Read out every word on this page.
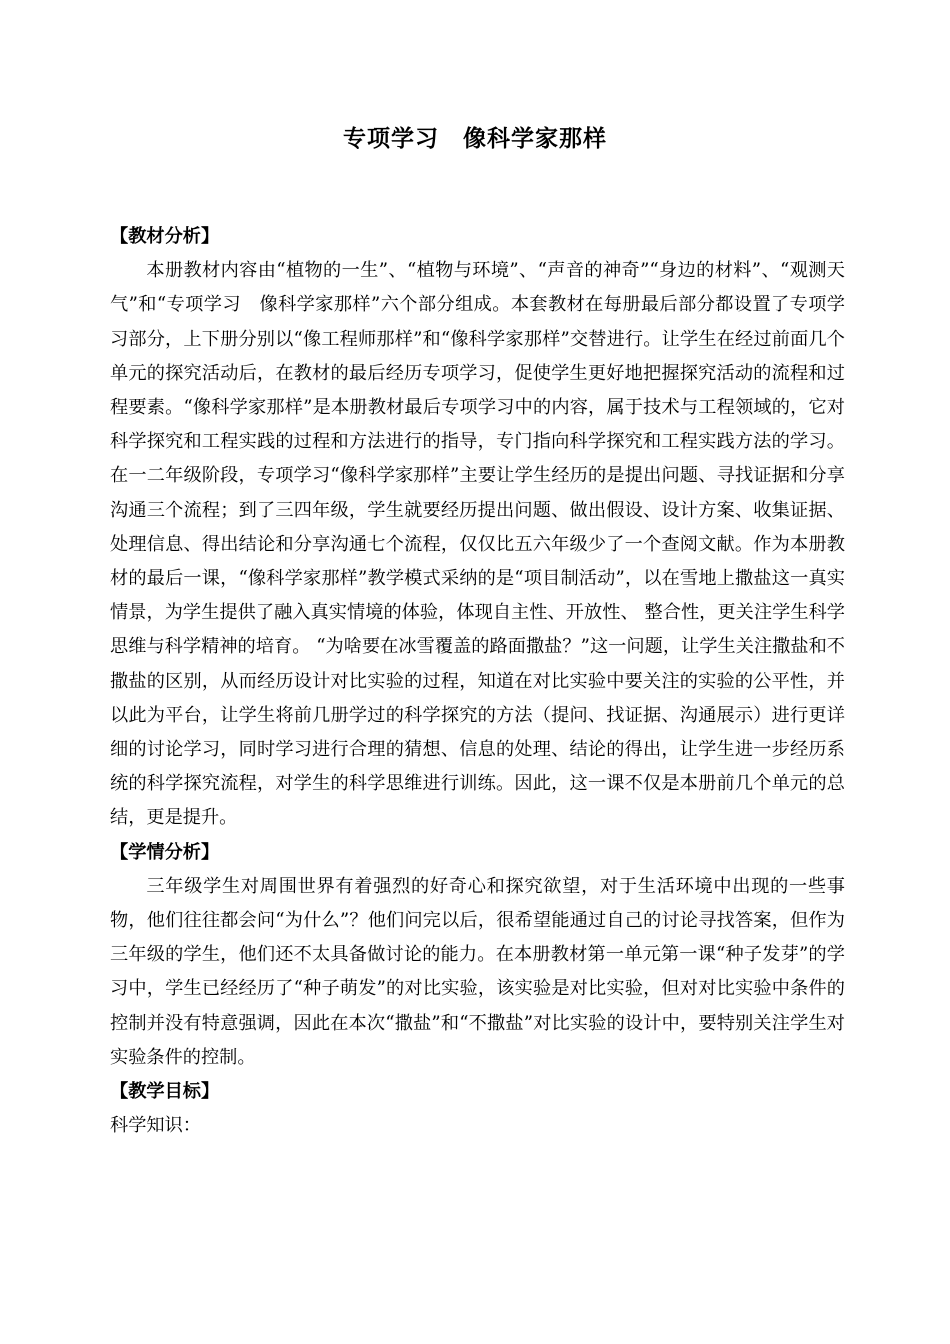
专项学习　像科学家那样

【教材分析】

本册教材内容由“植物的一生”、“植物与环境”、“声音的神奇”“身边的材料”、“观测天气”和“专项学习　像科学家那样”六个部分组成。本套教材在每册最后部分都设置了专项学习部分，上下册分别以“像工程师那样”和“像科学家那样”交替进行。让学生在经过前面几个单元的探究活动后，在教材的最后经历专项学习，促使学生更好地把握探究活动的流程和过程要素。“像科学家那样”是本册教材最后专项学习中的内容，属于技术与工程领域的，它对科学探究和工程实践的过程和方法进行的指导，专门指向科学探究和工程实践方法的学习。在一二年级阶段，专项学习“像科学家那样”主要让学生经历的是提出问题、寻找证据和分享沟通三个流程；到了三四年级，学生就要经历提出问题、做出假设、设计方案、收集证据、处理信息、得出结论和分享沟通七个流程，仅仅比五六年级少了一个查阅文献。作为本册教材的最后一课，“像科学家那样”教学模式采纳的是“项目制活动”，以在雪地上撒盐这一真实情景，为学生提供了融入真实情境的体验，体现自主性、开放性、 整合性，更关注学生科学思维与科学精神的培育。 “为啥要在冰雪覆盖的路面撒盐？”这一问题，让学生关注撒盐和不撒盐的区别，从而经历设计对比实验的过程，知道在对比实验中要关注的实验的公平性，并以此为平台，让学生将前几册学过的科学探究的方法（提问、找证据、沟通展示）进行更详细的讨论学习，同时学习进行合理的猜想、信息的处理、结论的得出，让学生进一步经历系统的科学探究流程，对学生的科学思维进行训练。因此，这一课不仅是本册前几个单元的总结，更是提升。

【学情分析】

三年级学生对周围世界有着强烈的好奇心和探究欲望，对于生活环境中出现的一些事物，他们往往都会问“为什么”？他们问完以后，很希望能通过自己的讨论寻找答案，但作为三年级的学生，他们还不太具备做讨论的能力。在本册教材第一单元第一课“种子发芽”的学习中，学生已经经历了“种子萌发”的对比实验，该实验是对比实验，但对对比实验中条件的控制并没有特意强调，因此在本次“撒盐”和“不撒盐”对比实验的设计中，要特别关注学生对实验条件的控制。

【教学目标】

科学知识：
